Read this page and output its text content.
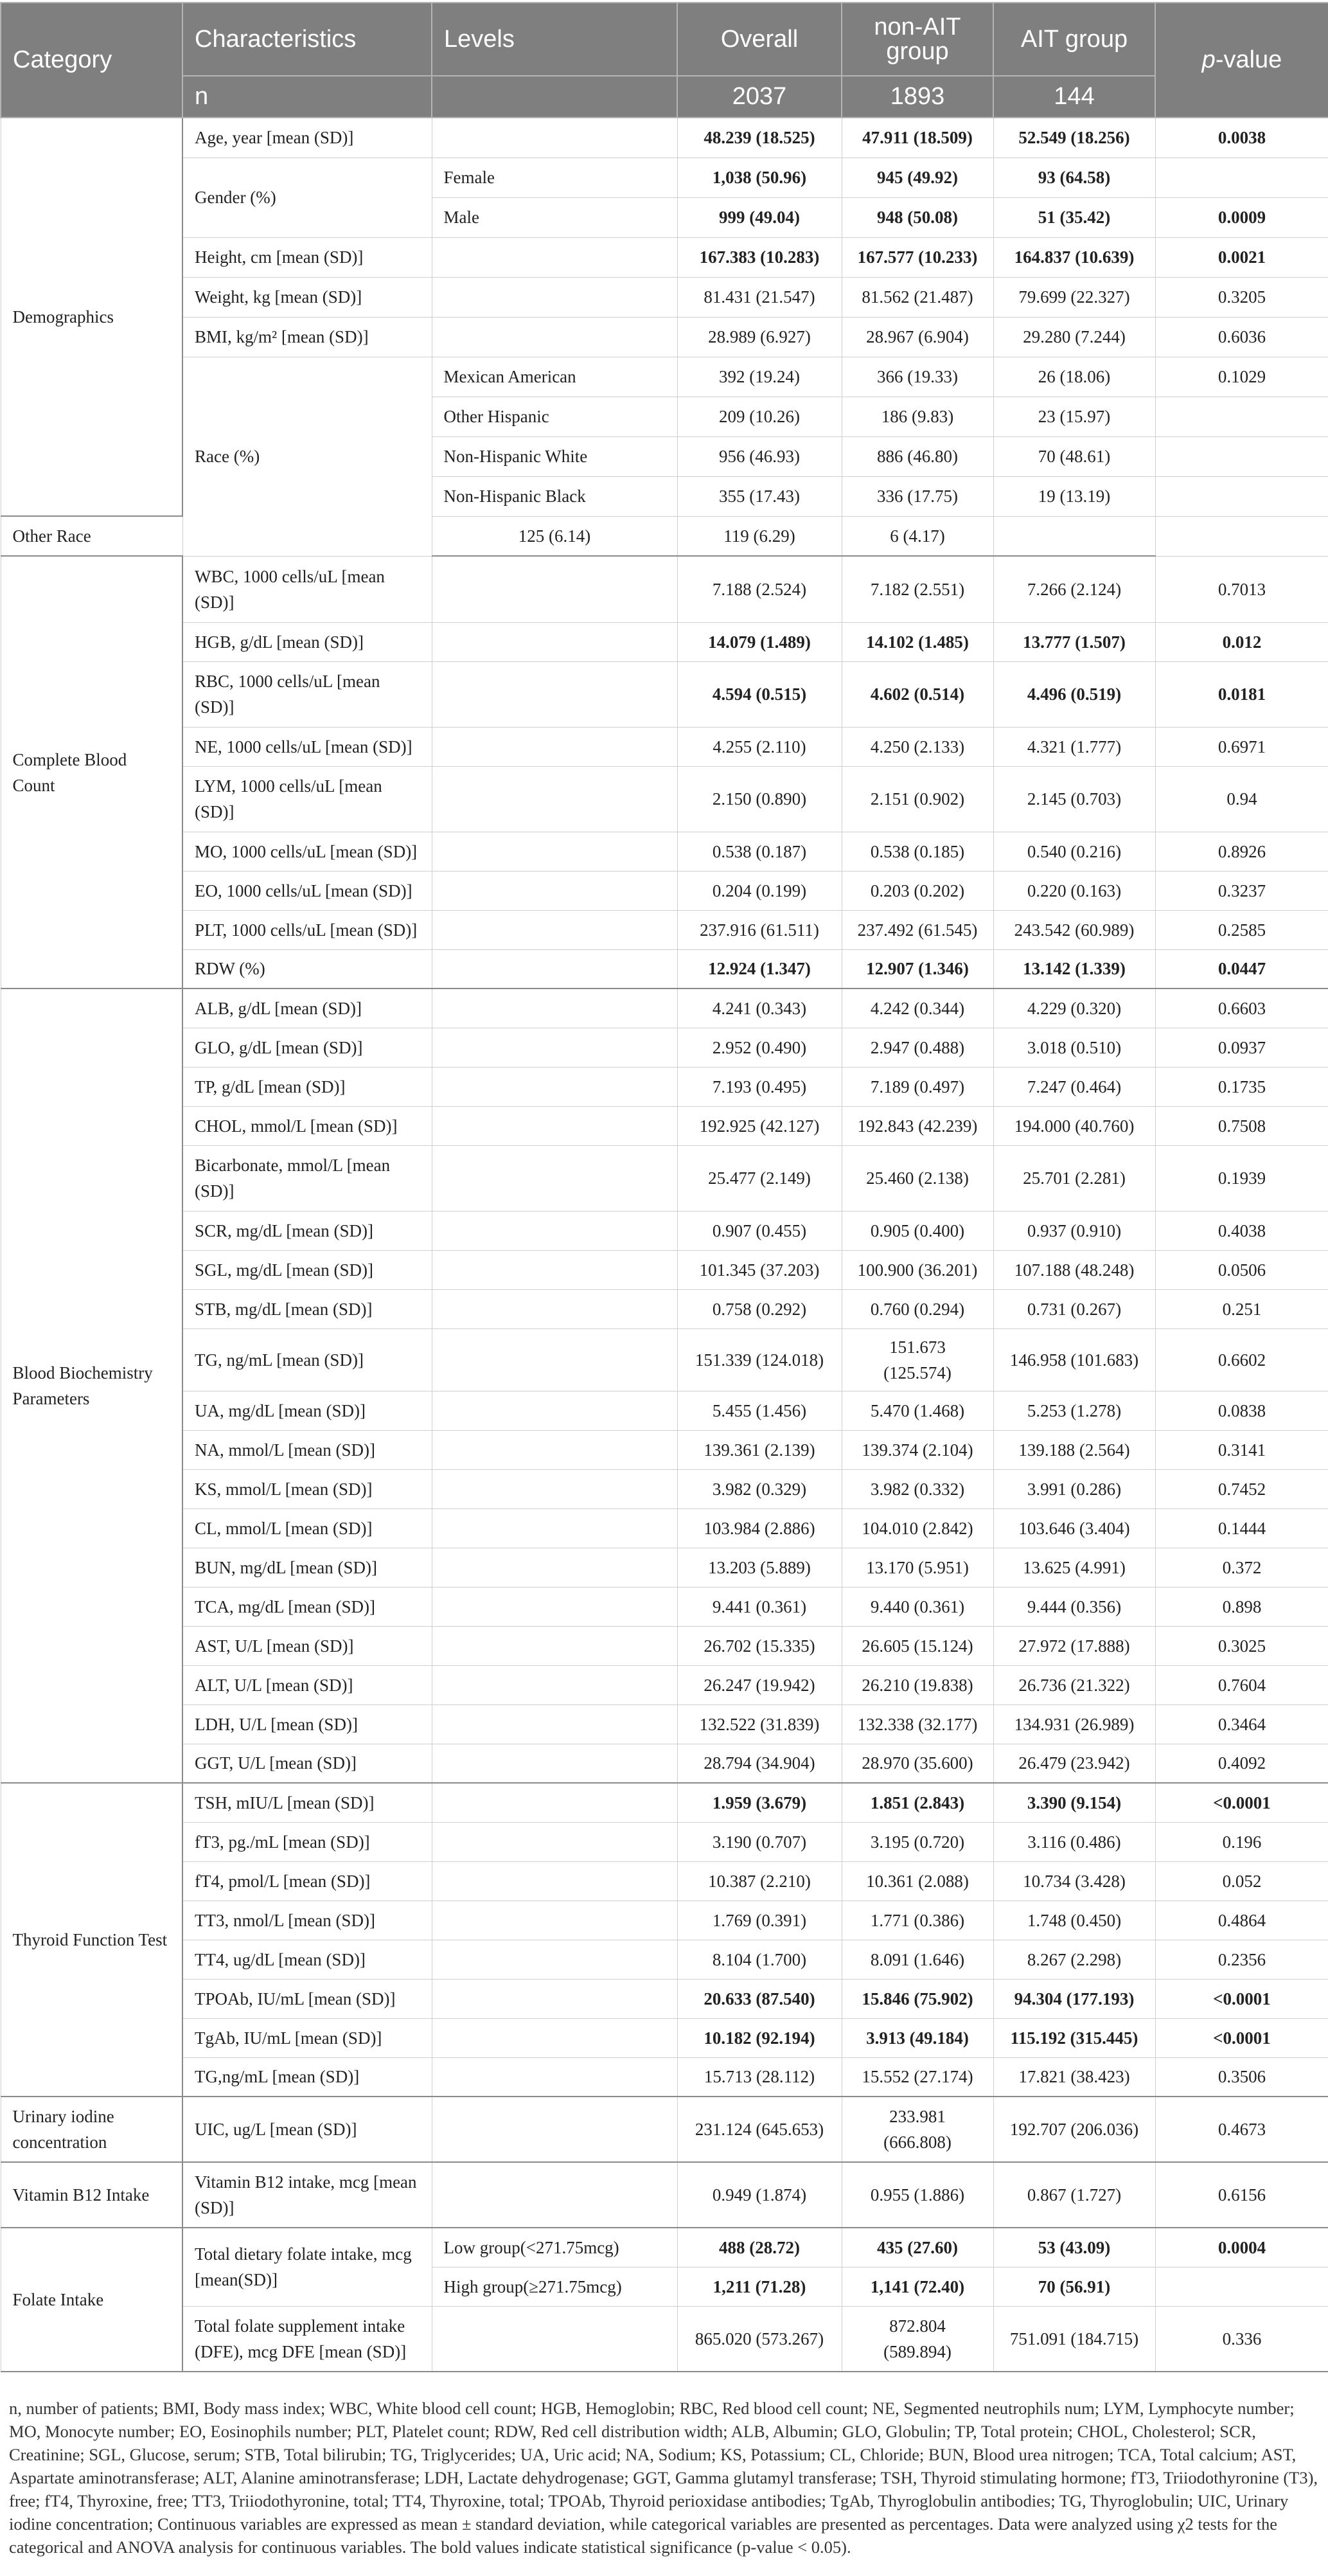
Category	Characteristics	Levels	Overall	non-AIT group	AIT group	p-value
	n		2037	1893	144	
Demographics	Age, year [mean (SD)]		48.239 (18.525)	47.911 (18.509)	52.549 (18.256)	0.0038
	Gender (%)	Female	1,038 (50.96)	945 (49.92)	93 (64.58)	
		Male	999 (49.04)	948 (50.08)	51 (35.42)	0.0009
	Height, cm [mean (SD)]		167.383 (10.283)	167.577 (10.233)	164.837 (10.639)	0.0021
	Weight, kg [mean (SD)]		81.431 (21.547)	81.562 (21.487)	79.699 (22.327)	0.3205
	BMI, kg/m² [mean (SD)]		28.989 (6.927)	28.967 (6.904)	29.280 (7.244)	0.6036
	Race (%)	Mexican American	392 (19.24)	366 (19.33)	26 (18.06)	0.1029
		Other Hispanic	209 (10.26)	186 (9.83)	23 (15.97)	
		Non-Hispanic White	956 (46.93)	886 (46.80)	70 (48.61)	
		Non-Hispanic Black	355 (17.43)	336 (17.75)	19 (13.19)	
Other Race		125 (6.14)	119 (6.29)	6 (4.17)		
Complete Blood Count	WBC, 1000 cells/uL [mean (SD)]		7.188 (2.524)	7.182 (2.551)	7.266 (2.124)	0.7013
	HGB, g/dL [mean (SD)]		14.079 (1.489)	14.102 (1.485)	13.777 (1.507)	0.012
	RBC, 1000 cells/uL [mean (SD)]		4.594 (0.515)	4.602 (0.514)	4.496 (0.519)	0.0181
	NE, 1000 cells/uL [mean (SD)]		4.255 (2.110)	4.250 (2.133)	4.321 (1.777)	0.6971
	LYM, 1000 cells/uL [mean (SD)]		2.150 (0.890)	2.151 (0.902)	2.145 (0.703)	0.94
	MO, 1000 cells/uL [mean (SD)]		0.538 (0.187)	0.538 (0.185)	0.540 (0.216)	0.8926
	EO, 1000 cells/uL [mean (SD)]		0.204 (0.199)	0.203 (0.202)	0.220 (0.163)	0.3237
	PLT, 1000 cells/uL [mean (SD)]		237.916 (61.511)	237.492 (61.545)	243.542 (60.989)	0.2585
	RDW (%)		12.924 (1.347)	12.907 (1.346)	13.142 (1.339)	0.0447
Blood Biochemistry Parameters	ALB, g/dL [mean (SD)]		4.241 (0.343)	4.242 (0.344)	4.229 (0.320)	0.6603
	GLO, g/dL [mean (SD)]		2.952 (0.490)	2.947 (0.488)	3.018 (0.510)	0.0937
	TP, g/dL [mean (SD)]		7.193 (0.495)	7.189 (0.497)	7.247 (0.464)	0.1735
	CHOL, mmol/L [mean (SD)]		192.925 (42.127)	192.843 (42.239)	194.000 (40.760)	0.7508
	Bicarbonate, mmol/L [mean (SD)]		25.477 (2.149)	25.460 (2.138)	25.701 (2.281)	0.1939
	SCR, mg/dL [mean (SD)]		0.907 (0.455)	0.905 (0.400)	0.937 (0.910)	0.4038
	SGL, mg/dL [mean (SD)]		101.345 (37.203)	100.900 (36.201)	107.188 (48.248)	0.0506
	STB, mg/dL [mean (SD)]		0.758 (0.292)	0.760 (0.294)	0.731 (0.267)	0.251
	TG, ng/mL [mean (SD)]		151.339 (124.018)	151.673 (125.574)	146.958 (101.683)	0.6602
	UA, mg/dL [mean (SD)]		5.455 (1.456)	5.470 (1.468)	5.253 (1.278)	0.0838
	NA, mmol/L [mean (SD)]		139.361 (2.139)	139.374 (2.104)	139.188 (2.564)	0.3141
	KS, mmol/L [mean (SD)]		3.982 (0.329)	3.982 (0.332)	3.991 (0.286)	0.7452
	CL, mmol/L [mean (SD)]		103.984 (2.886)	104.010 (2.842)	103.646 (3.404)	0.1444
	BUN, mg/dL [mean (SD)]		13.203 (5.889)	13.170 (5.951)	13.625 (4.991)	0.372
	TCA, mg/dL [mean (SD)]		9.441 (0.361)	9.440 (0.361)	9.444 (0.356)	0.898
	AST, U/L [mean (SD)]		26.702 (15.335)	26.605 (15.124)	27.972 (17.888)	0.3025
	ALT, U/L [mean (SD)]		26.247 (19.942)	26.210 (19.838)	26.736 (21.322)	0.7604
	LDH, U/L [mean (SD)]		132.522 (31.839)	132.338 (32.177)	134.931 (26.989)	0.3464
	GGT, U/L [mean (SD)]		28.794 (34.904)	28.970 (35.600)	26.479 (23.942)	0.4092
Thyroid Function Test	TSH, mIU/L [mean (SD)]		1.959 (3.679)	1.851 (2.843)	3.390 (9.154)	<0.0001
	fT3, pg./mL [mean (SD)]		3.190 (0.707)	3.195 (0.720)	3.116 (0.486)	0.196
	fT4, pmol/L [mean (SD)]		10.387 (2.210)	10.361 (2.088)	10.734 (3.428)	0.052
	TT3, nmol/L [mean (SD)]		1.769 (0.391)	1.771 (0.386)	1.748 (0.450)	0.4864
	TT4, ug/dL [mean (SD)]		8.104 (1.700)	8.091 (1.646)	8.267 (2.298)	0.2356
	TPOAb, IU/mL [mean (SD)]		20.633 (87.540)	15.846 (75.902)	94.304 (177.193)	<0.0001
	TgAb, IU/mL [mean (SD)]		10.182 (92.194)	3.913 (49.184)	115.192 (315.445)	<0.0001
	TG,ng/mL [mean (SD)]		15.713 (28.112)	15.552 (27.174)	17.821 (38.423)	0.3506
Urinary iodine concentration	UIC, ug/L [mean (SD)]		231.124 (645.653)	233.981 (666.808)	192.707 (206.036)	0.4673
Vitamin B12 Intake	Vitamin B12 intake, mcg [mean (SD)]		0.949 (1.874)	0.955 (1.886)	0.867 (1.727)	0.6156
Folate Intake	Total dietary folate intake, mcg [mean(SD)]	Low group(<271.75mcg)	488 (28.72)	435 (27.60)	53 (43.09)	0.0004
		High group(≥271.75mcg)	1,211 (71.28)	1,141 (72.40)	70 (56.91)	
	Total folate supplement intake (DFE), mcg DFE [mean (SD)]		865.020 (573.267)	872.804 (589.894)	751.091 (184.715)	0.336

n, number of patients; BMI, Body mass index; WBC, White blood cell count; HGB, Hemoglobin; RBC, Red blood cell count; NE, Segmented neutrophils num; LYM, Lymphocyte number; MO, Monocyte number; EO, Eosinophils number; PLT, Platelet count; RDW, Red cell distribution width; ALB, Albumin; GLO, Globulin; TP, Total protein; CHOL, Cholesterol; SCR, Creatinine; SGL, Glucose, serum; STB, Total bilirubin; TG, Triglycerides; UA, Uric acid; NA, Sodium; KS, Potassium; CL, Chloride; BUN, Blood urea nitrogen; TCA, Total calcium; AST, Aspartate aminotransferase; ALT, Alanine aminotransferase; LDH, Lactate dehydrogenase; GGT, Gamma glutamyl transferase; TSH, Thyroid stimulating hormone; fT3, Triiodothyronine (T3), free; fT4, Thyroxine, free; TT3, Triiodothyronine, total; TT4, Thyroxine, total; TPOAb, Thyroid perioxidase antibodies; TgAb, Thyroglobulin antibodies; TG, Thyroglobulin; UIC, Urinary iodine concentration; Continuous variables are expressed as mean ± standard deviation, while categorical variables are presented as percentages. Data were analyzed using χ2 tests for the categorical and ANOVA analysis for continuous variables. The bold values indicate statistical significance (p-value < 0.05).
